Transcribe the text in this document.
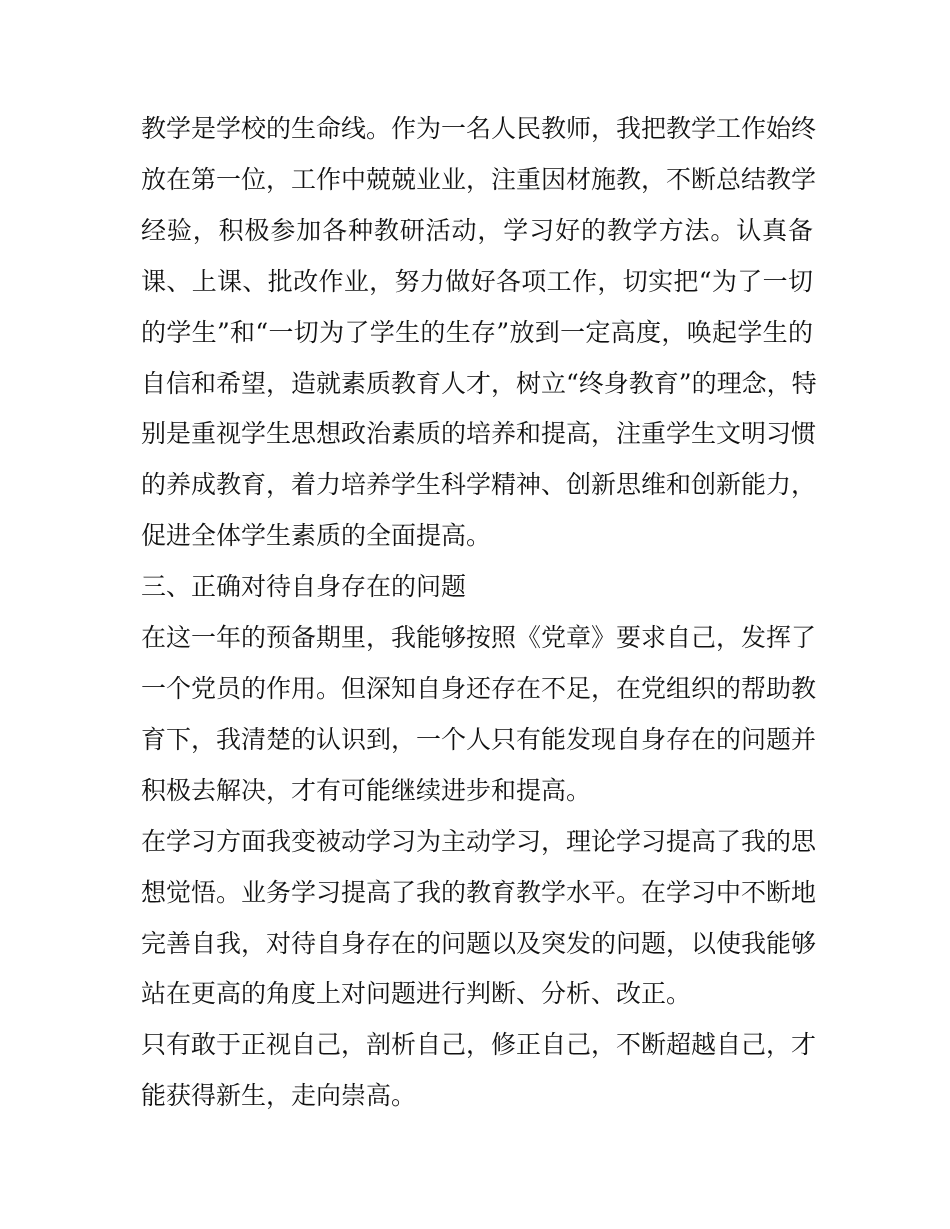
教学是学校的生命线。作为一名人民教师，我把教学工作始终
放在第一位，工作中兢兢业业，注重因材施教，不断总结教学
经验，积极参加各种教研活动，学习好的教学方法。认真备
课、上课、批改作业，努力做好各项工作，切实把“为了一切
的学生”和“一切为了学生的生存”放到一定高度，唤起学生的
自信和希望，造就素质教育人才，树立“终身教育”的理念，特
别是重视学生思想政治素质的培养和提高，注重学生文明习惯
的养成教育，着力培养学生科学精神、创新思维和创新能力，
促进全体学生素质的全面提高。
三、正确对待自身存在的问题
在这一年的预备期里，我能够按照《党章》要求自己，发挥了
一个党员的作用。但深知自身还存在不足，在党组织的帮助教
育下，我清楚的认识到，一个人只有能发现自身存在的问题并
积极去解决，才有可能继续进步和提高。
在学习方面我变被动学习为主动学习，理论学习提高了我的思
想觉悟。业务学习提高了我的教育教学水平。在学习中不断地
完善自我，对待自身存在的问题以及突发的问题，以使我能够
站在更高的角度上对问题进行判断、分析、改正。
只有敢于正视自己，剖析自己，修正自己，不断超越自己，才
能获得新生，走向崇高。
